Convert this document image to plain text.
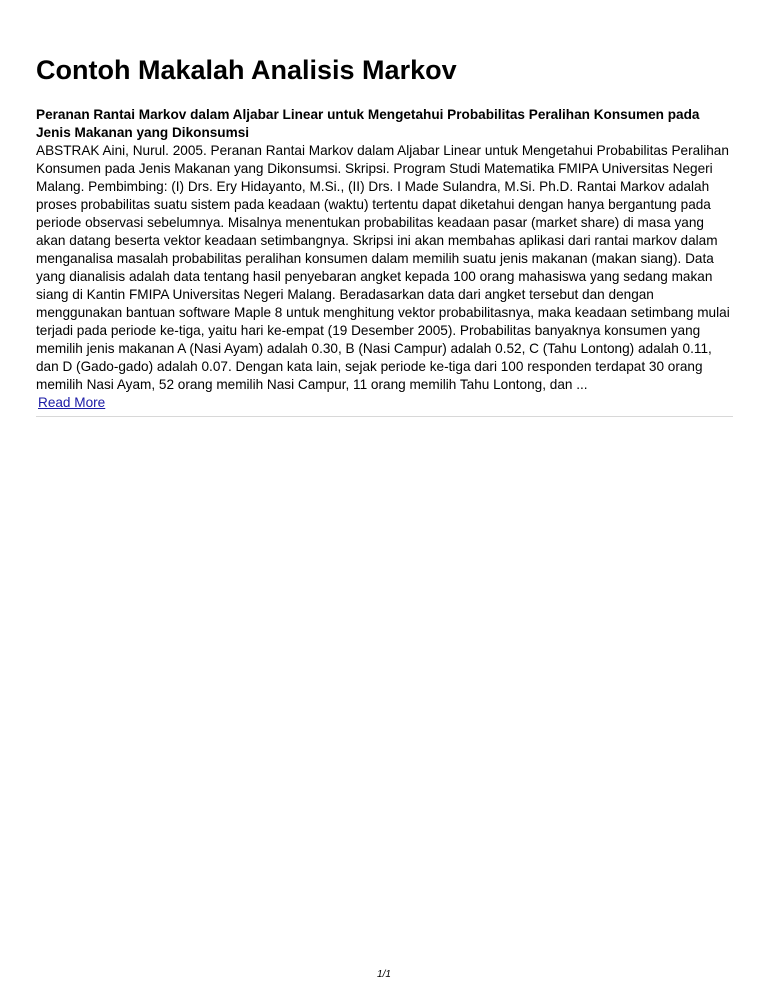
Contoh Makalah Analisis Markov

Peranan Rantai Markov dalam Aljabar Linear untuk Mengetahui Probabilitas Peralihan Konsumen pada Jenis Makanan yang Dikonsumsi

ABSTRAK Aini, Nurul. 2005. Peranan Rantai Markov dalam Aljabar Linear untuk Mengetahui Probabilitas Peralihan Konsumen pada Jenis Makanan yang Dikonsumsi. Skripsi. Program Studi Matematika FMIPA Universitas Negeri Malang. Pembimbing: (I) Drs. Ery Hidayanto, M.Si., (II) Drs. I Made Sulandra, M.Si. Ph.D. Rantai Markov adalah proses probabilitas suatu sistem pada keadaan (waktu) tertentu dapat diketahui dengan hanya bergantung pada periode observasi sebelumnya. Misalnya menentukan probabilitas keadaan pasar (market share) di masa yang akan datang beserta vektor keadaan setimbangnya. Skripsi ini akan membahas aplikasi dari rantai markov dalam menganalisa masalah probabilitas peralihan konsumen dalam memilih suatu jenis makanan (makan siang). Data yang dianalisis adalah data tentang hasil penyebaran angket kepada 100 orang mahasiswa yang sedang makan siang di Kantin FMIPA Universitas Negeri Malang. Beradasarkan data dari angket tersebut dan dengan menggunakan bantuan software Maple 8 untuk menghitung vektor probabilitasnya, maka keadaan setimbang mulai terjadi pada periode ke-tiga, yaitu hari ke-empat (19 Desember 2005). Probabilitas banyaknya konsumen yang memilih jenis makanan A (Nasi Ayam) adalah 0.30, B (Nasi Campur) adalah 0.52, C (Tahu Lontong) adalah 0.11, dan D (Gado-gado) adalah 0.07. Dengan kata lain, sejak periode ke-tiga dari 100 responden terdapat 30 orang memilih Nasi Ayam, 52 orang memilih Nasi Campur, 11 orang memilih Tahu Lontong, dan ...

Read More
1/1
